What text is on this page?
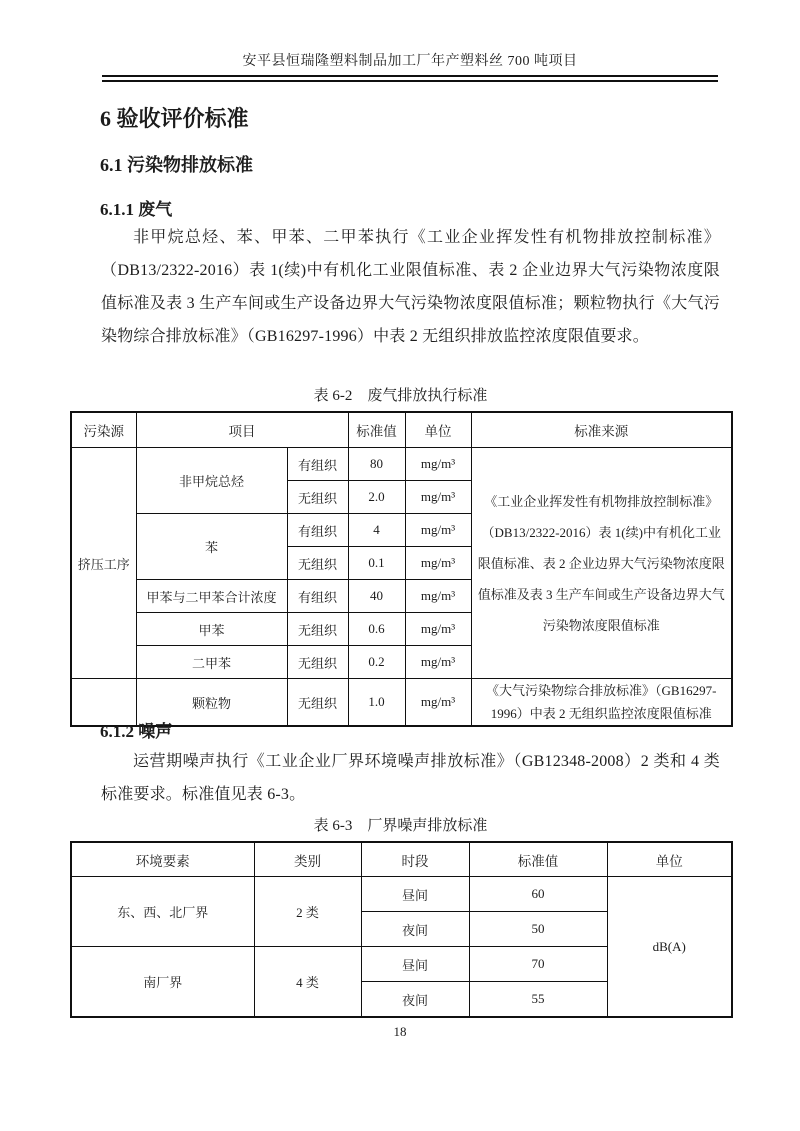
安平县恒瑞隆塑料制品加工厂年产塑料丝 700 吨项目
6 验收评价标准
6.1 污染物排放标准
6.1.1 废气
非甲烷总烃、苯、甲苯、二甲苯执行《工业企业挥发性有机物排放控制标准》（DB13/2322-2016）表 1(续)中有机化工业限值标准、表 2 企业边界大气污染物浓度限值标准及表 3 生产车间或生产设备边界大气污染物浓度限值标准；颗粒物执行《大气污染物综合排放标准》（GB16297-1996）中表 2 无组织排放监控浓度限值要求。
表 6-2　废气排放执行标准
污染源	项目		标准值	单位	标准来源
挤压工序	非甲烷总烃	有组织	80	mg/m³	《工业企业挥发性有机物排放控制标准》（DB13/2322-2016）表 1(续)中有机化工业限值标准、表 2 企业边界大气污染物浓度限值标准及表 3 生产车间或生产设备边界大气污染物浓度限值标准
		无组织	2.0	mg/m³	
	苯	有组织	4	mg/m³	
		无组织	0.1	mg/m³	
	甲苯与二甲苯合计浓度	有组织	40	mg/m³	
	甲苯	无组织	0.6	mg/m³	
	二甲苯	无组织	0.2	mg/m³	
	颗粒物	无组织	1.0	mg/m³	《大气污染物综合排放标准》（GB16297-1996）中表 2 无组织监控浓度限值标准
6.1.2 噪声
运营期噪声执行《工业企业厂界环境噪声排放标准》（GB12348-2008）2 类和 4 类标准要求。标准值见表 6-3。
表 6-3　厂界噪声排放标准
环境要素	类别	时段	标准值	单位
东、西、北厂界	2 类	昼间	60	dB(A)
		夜间	50	
南厂界	4 类	昼间	70	
		夜间	55	
18
